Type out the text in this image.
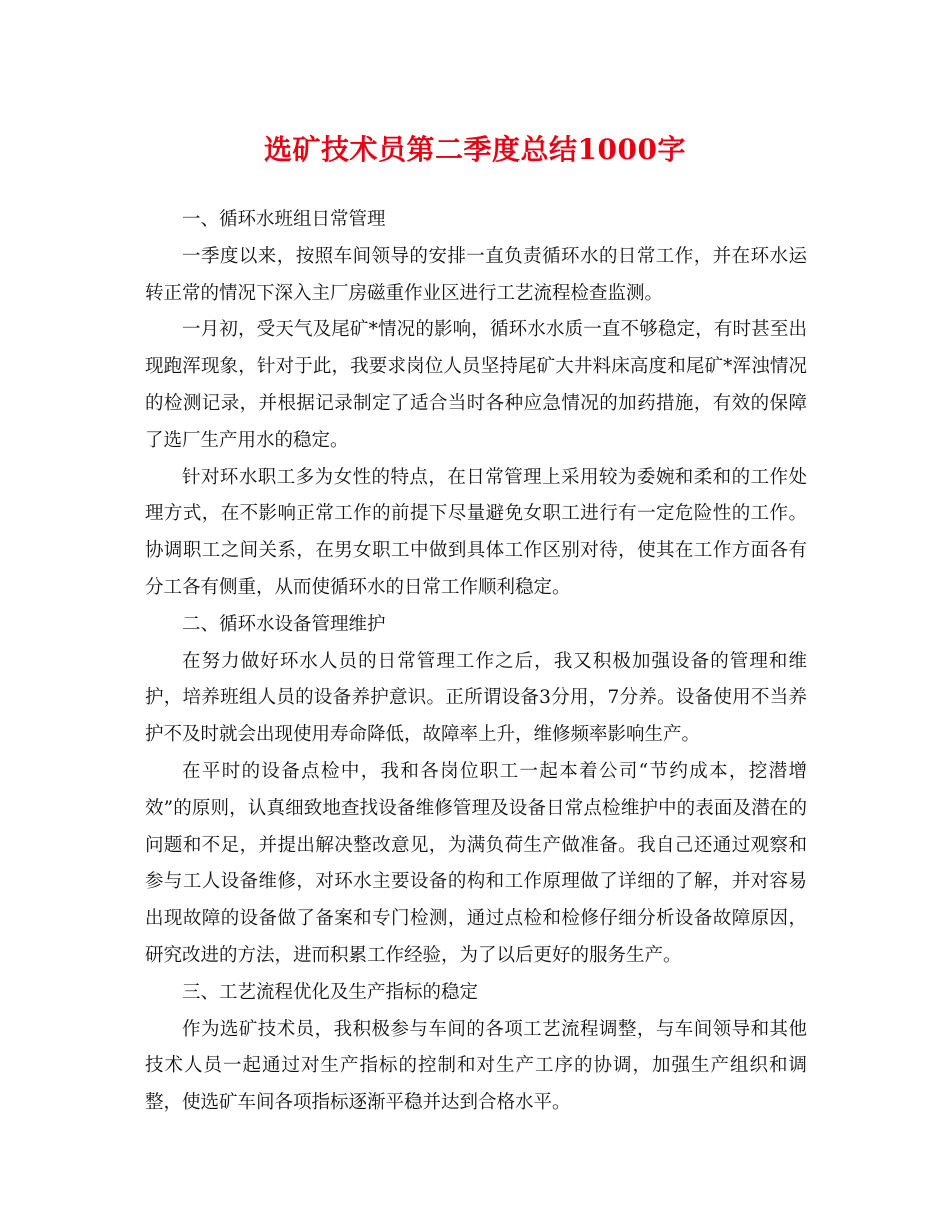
选矿技术员第二季度总结1000字

一、循环水班组日常管理

一季度以来，按照车间领导的安排一直负责循环水的日常工作，并在环水运转正常的情况下深入主厂房磁重作业区进行工艺流程检查监测。

一月初，受天气及尾矿*情况的影响，循环水水质一直不够稳定，有时甚至出现跑浑现象，针对于此，我要求岗位人员坚持尾矿大井料床高度和尾矿*浑浊情况的检测记录，并根据记录制定了适合当时各种应急情况的加药措施，有效的保障了选厂生产用水的稳定。

针对环水职工多为女性的特点，在日常管理上采用较为委婉和柔和的工作处理方式，在不影响正常工作的前提下尽量避免女职工进行有一定危险性的工作。协调职工之间关系，在男女职工中做到具体工作区别对待，使其在工作方面各有分工各有侧重，从而使循环水的日常工作顺利稳定。

二、循环水设备管理维护

在努力做好环水人员的日常管理工作之后，我又积极加强设备的管理和维护，培养班组人员的设备养护意识。正所谓设备3分用，7分养。设备使用不当养护不及时就会出现使用寿命降低，故障率上升，维修频率影响生产。

在平时的设备点检中，我和各岗位职工一起本着公司“节约成本，挖潜增效”的原则，认真细致地查找设备维修管理及设备日常点检维护中的表面及潜在的问题和不足，并提出解决整改意见，为满负荷生产做准备。我自己还通过观察和参与工人设备维修，对环水主要设备的构和工作原理做了详细的了解，并对容易出现故障的设备做了备案和专门检测，通过点检和检修仔细分析设备故障原因，研究改进的方法，进而积累工作经验，为了以后更好的服务生产。

三、工艺流程优化及生产指标的稳定

作为选矿技术员，我积极参与车间的各项工艺流程调整，与车间领导和其他技术人员一起通过对生产指标的控制和对生产工序的协调，加强生产组织和调整，使选矿车间各项指标逐渐平稳并达到合格水平。
